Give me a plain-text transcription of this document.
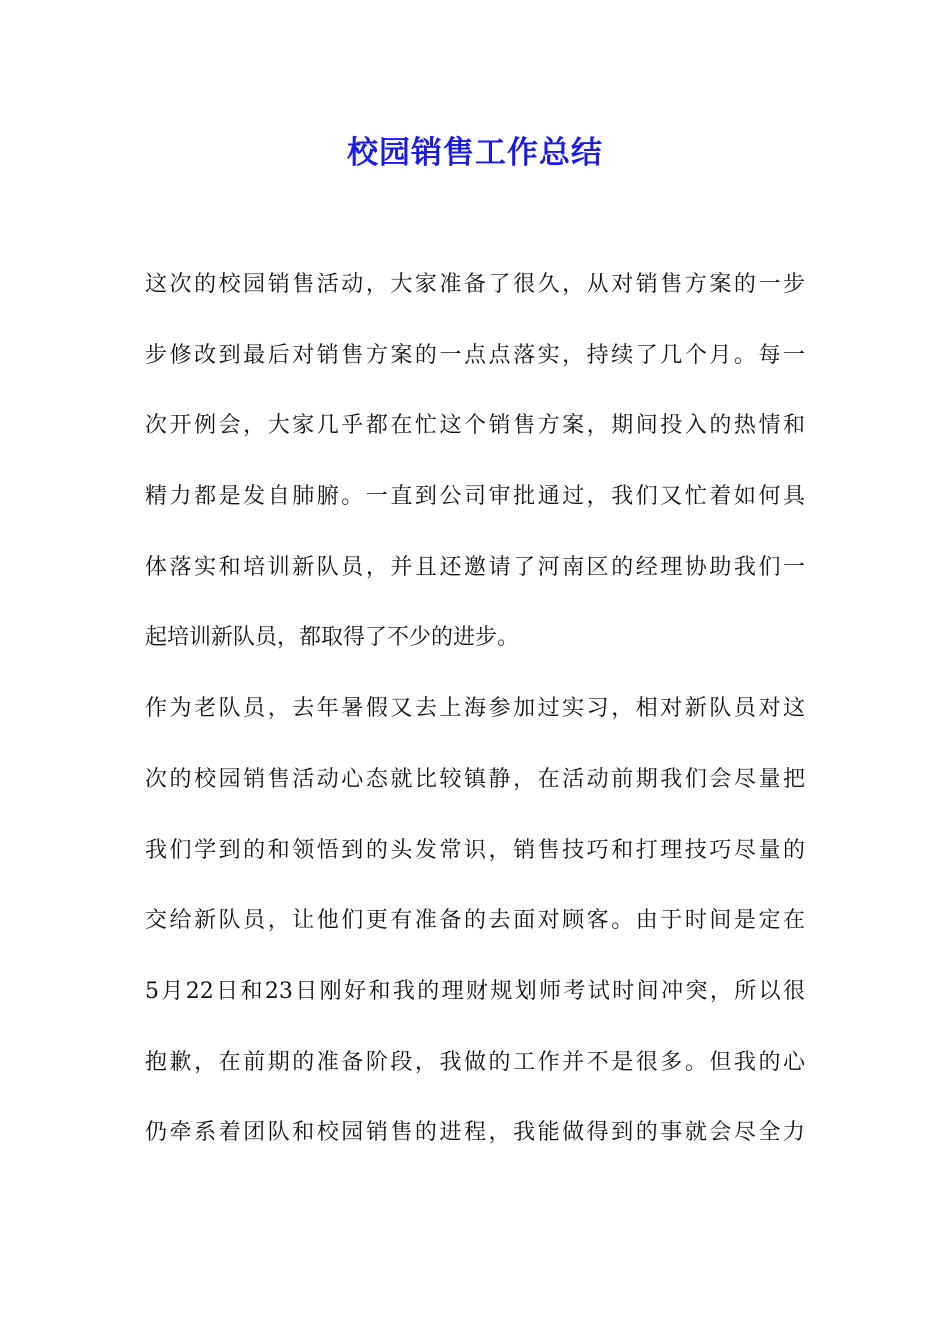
校园销售工作总结
这次的校园销售活动，大家准备了很久，从对销售方案的一步
步修改到最后对销售方案的一点点落实，持续了几个月。每一
次开例会，大家几乎都在忙这个销售方案，期间投入的热情和
精力都是发自肺腑。一直到公司审批通过，我们又忙着如何具
体落实和培训新队员，并且还邀请了河南区的经理协助我们一
起培训新队员，都取得了不少的进步。
作为老队员，去年暑假又去上海参加过实习，相对新队员对这
次的校园销售活动心态就比较镇静，在活动前期我们会尽量把
我们学到的和领悟到的头发常识，销售技巧和打理技巧尽量的
交给新队员，让他们更有准备的去面对顾客。由于时间是定在
5月22日和23日刚好和我的理财规划师考试时间冲突，所以很
抱歉，在前期的准备阶段，我做的工作并不是很多。但我的心
仍牵系着团队和校园销售的进程，我能做得到的事就会尽全力
